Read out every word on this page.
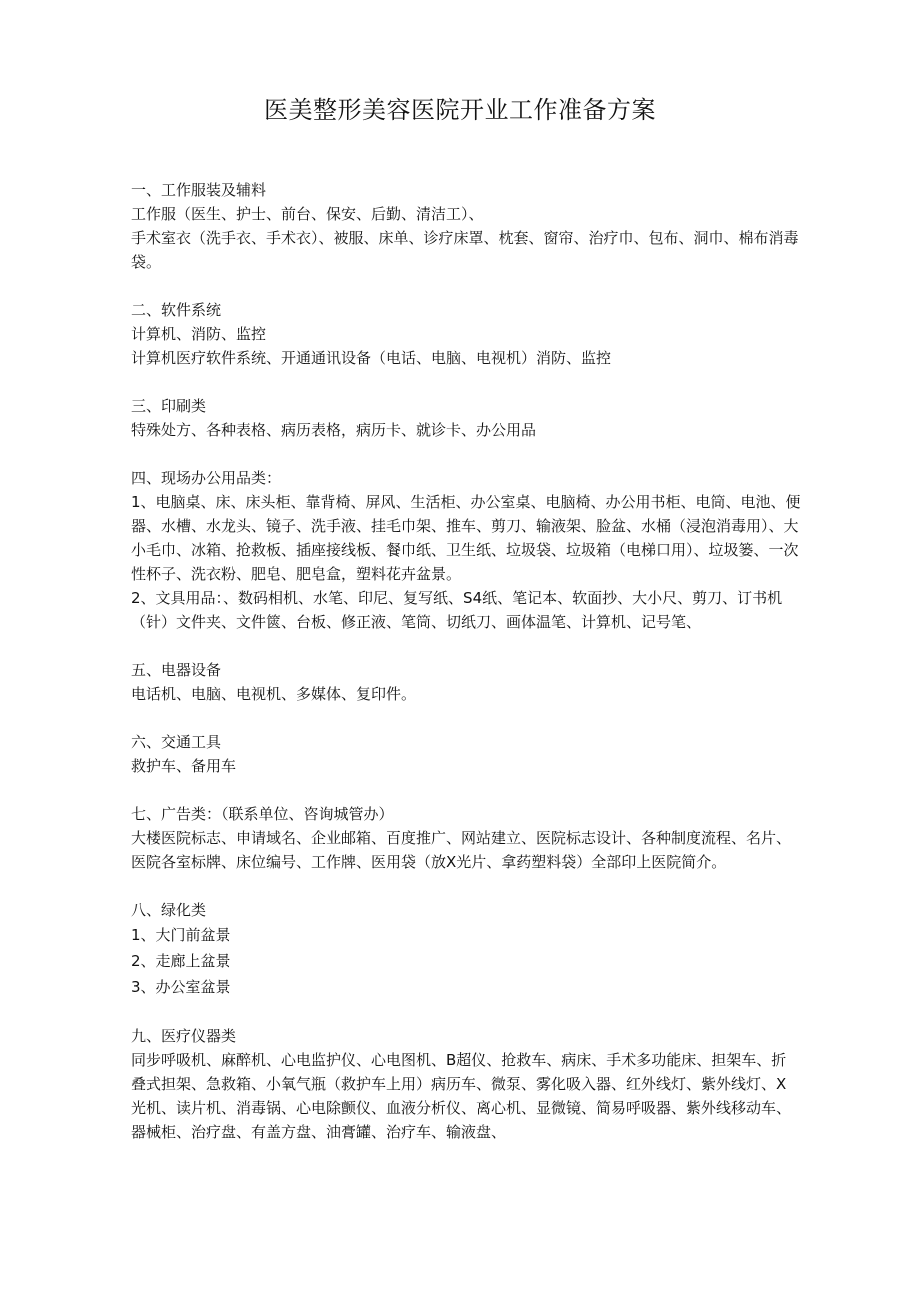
医美整形美容医院开业工作准备方案

一、工作服装及辅料

工作服（医生、护士、前台、保安、后勤、清洁工）、

手术室衣（洗手衣、手术衣）、被服、床单、诊疗床罩、枕套、窗帘、治疗巾、包布、洞巾、棉布消毒袋。

二、软件系统

计算机、消防、监控

计算机医疗软件系统、开通通讯设备（电话、电脑、电视机）消防、监控

三、印刷类

特殊处方、各种表格、病历表格，病历卡、就诊卡、办公用品

四、现场办公用品类：

1、电脑桌、床、床头柜、靠背椅、屏风、生活柜、办公室桌、电脑椅、办公用书柜、电筒、电池、便器、水槽、水龙头、镜子、洗手液、挂毛巾架、推车、剪刀、输液架、脸盆、水桶（浸泡消毒用）、大小毛巾、冰箱、抢救板、插座接线板、餐巾纸、卫生纸、垃圾袋、垃圾箱（电梯口用）、垃圾篓、一次性杯子、洗衣粉、肥皂、肥皂盒，塑料花卉盆景。

2、文具用品：、数码相机、水笔、印尼、复写纸、S4纸、笔记本、软面抄、大小尺、剪刀、订书机（针）文件夹、文件篋、台板、修正液、笔筒、切纸刀、画体温笔、计算机、记号笔、

五、电器设备

电话机、电脑、电视机、多媒体、复印件。

六、交通工具

救护车、备用车

七、广告类：（联系单位、咨询城管办）

大楼医院标志、申请域名、企业邮箱、百度推广、网站建立、医院标志设计、各种制度流程、名片、医院各室标牌、床位编号、工作牌、医用袋（放X光片、拿药塑料袋）全部印上医院简介。

八、绿化类

1、大门前盆景

2、走廊上盆景

3、办公室盆景

九、医疗仪器类

同步呼吸机、麻醉机、心电监护仪、心电图机、B超仪、抢救车、病床、手术多功能床、担架车、折叠式担架、急救箱、小氧气瓶（救护车上用）病历车、微泵、雾化吸入器、红外线灯、紫外线灯、X光机、读片机、消毒锅、心电除颤仪、血液分析仪、离心机、显微镜、简易呼吸器、紫外线移动车、器械柜、治疗盘、有盖方盘、油膏罐、治疗车、输液盘、
